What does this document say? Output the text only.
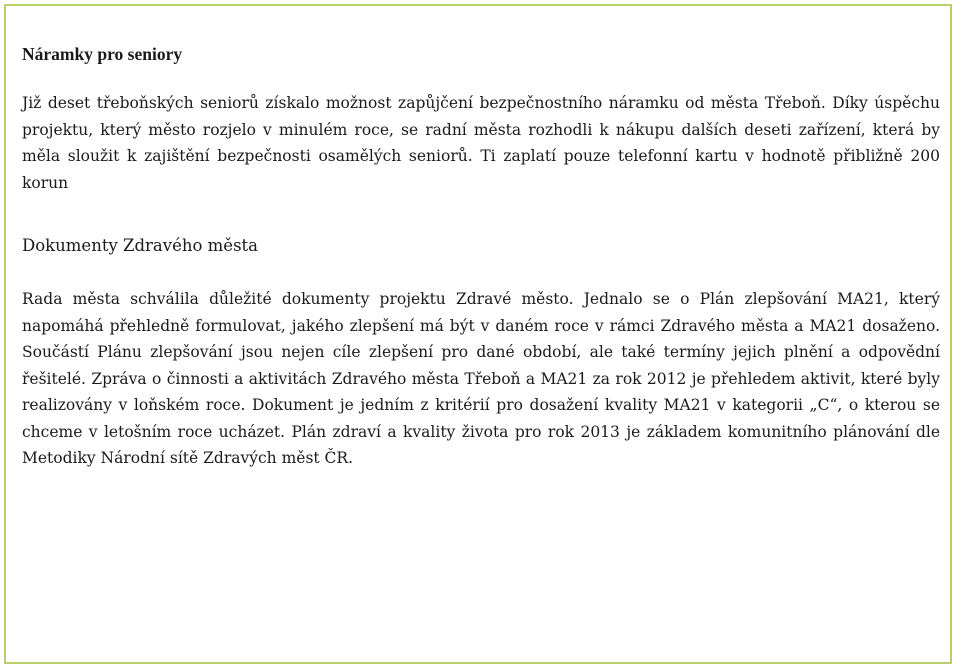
Náramky pro seniory

Již deset třeboňských seniorů získalo možnost zapůjčení bezpečnostního náramku od města Třeboň. Díky úspěchu projektu, který město rozjelo v minulém roce, se radní města rozhodli k nákupu dalších deseti zařízení, která by měla sloužit k zajištění bezpečnosti osamělých seniorů. Ti zaplatí pouze telefonní kartu v hodnotě přibližně 200 korun

Dokumenty Zdravého města

Rada města schválila důležité dokumenty projektu Zdravé město. Jednalo se o Plán zlepšování MA21, který napomáhá přehledně formulovat, jakého zlepšení má být v daném roce v rámci Zdravého města a MA21 dosaženo. Součástí Plánu zlepšování jsou nejen cíle zlepšení pro dané období, ale také termíny jejich plnění a odpovědní řešitelé. Zpráva o činnosti a aktivitách Zdravého města Třeboň a MA21 za rok 2012 je přehledem aktivit, které byly realizovány v loňském roce. Dokument je jedním z kritérií pro dosažení kvality MA21 v kategorii „C“, o kterou se chceme v letošním roce ucházet. Plán zdraví a kvality života pro rok 2013 je základem komunitního plánování dle Metodiky Národní sítě Zdravých měst ČR.
